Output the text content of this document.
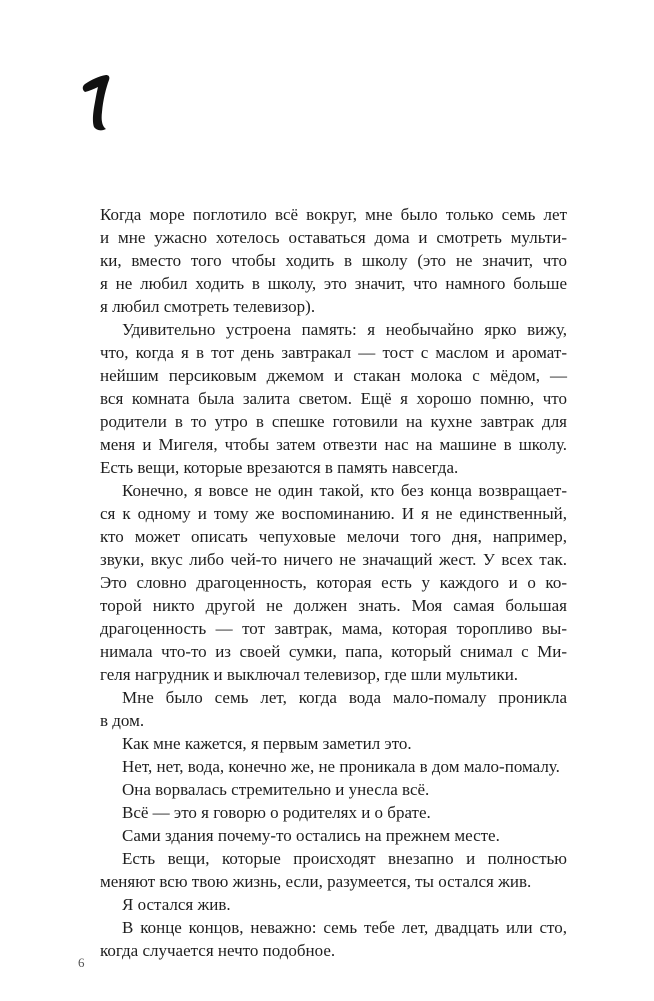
Когда море поглотило всё вокруг, мне было только семь лет
и мне ужасно хотелось оставаться дома и смотреть мульти-
ки, вместо того чтобы ходить в школу (это не значит, что
я не любил ходить в школу, это значит, что намного больше
я любил смотреть телевизор).
Удивительно устроена память: я необычайно ярко вижу,
что, когда я в тот день завтракал — тост с маслом и аромат-
нейшим персиковым джемом и стакан молока с мёдом, —
вся комната была залита светом. Ещё я хорошо помню, что
родители в то утро в спешке готовили на кухне завтрак для
меня и Мигеля, чтобы затем отвезти нас на машине в школу.
Есть вещи, которые врезаются в память навсегда.
Конечно, я вовсе не один такой, кто без конца возвращает-
ся к одному и тому же воспоминанию. И я не единственный,
кто может описать чепуховые мелочи того дня, например,
звуки, вкус либо чей-то ничего не значащий жест. У всех так.
Это словно драгоценность, которая есть у каждого и о ко-
торой никто другой не должен знать. Моя самая большая
драгоценность — тот завтрак, мама, которая торопливо вы-
нимала что-то из своей сумки, папа, который снимал с Ми-
геля нагрудник и выключал телевизор, где шли мультики.
Мне было семь лет, когда вода мало-помалу проникла
в дом.
Как мне кажется, я первым заметил это.
Нет, нет, вода, конечно же, не проникала в дом мало-помалу.
Она ворвалась стремительно и унесла всё.
Всё — это я говорю о родителях и о брате.
Сами здания почему-то остались на прежнем месте.
Есть вещи, которые происходят внезапно и полностью
меняют всю твою жизнь, если, разумеется, ты остался жив.
Я остался жив.
В конце концов, неважно: семь тебе лет, двадцать или сто,
когда случается нечто подобное.
6
